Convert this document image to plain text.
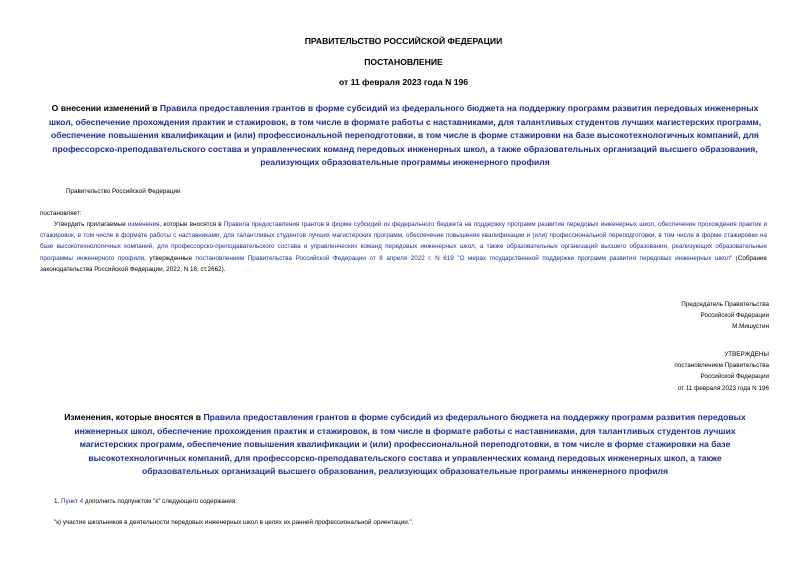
ПРАВИТЕЛЬСТВО РОССИЙСКОЙ ФЕДЕРАЦИИ
ПОСТАНОВЛЕНИЕ
от 11 февраля 2023 года N 196
О внесении изменений в Правила предоставления грантов в форме субсидий из федерального бюджета на поддержку программ развития передовых инженерных школ, обеспечение прохождения практик и стажировок, в том числе в формате работы с наставниками, для талантливых студентов лучших магистерских программ, обеспечение повышения квалификации и (или) профессиональной переподготовки, в том числе в форме стажировки на базе высокотехнологичных компаний, для профессорско-преподавательского состава и управленческих команд передовых инженерных школ, а также образовательных организаций высшего образования, реализующих образовательные программы инженерного профиля
Правительство Российской Федерации
постановляет:
Утвердить прилагаемые изменения, которые вносятся в Правила предоставления грантов в форме субсидий из федерального бюджета на поддержку программ развития передовых инженерных школ, обеспечение прохождения практик и стажировок, в том числе в формате работы с наставниками, для талантливых студентов лучших магистерских программ, обеспечение повышения квалификации и (или) профессиональной переподготовки, в том числе в форме стажировки на базе высокотехнологичных компаний, для профессорско-преподавательского состава и управленческих команд передовых инженерных школ, а также образовательных организаций высшего образования, реализующих образовательные программы инженерного профиля, утвержденные постановлением Правительства Российской Федерации от 8 апреля 2022 г. N 619 "О мерах государственной поддержки программ развития передовых инженерных школ" (Собрание законодательства Российской Федерации, 2022, N 16, ст.2662).
Председатель Правительства
Российской Федерации
М.Мишустин
УТВЕРЖДЕНЫ
постановлением Правительства
Российской Федерации
от 11 февраля 2023 года N 196
Изменения, которые вносятся в Правила предоставления грантов в форме субсидий из федерального бюджета на поддержку программ развития передовых инженерных школ, обеспечение прохождения практик и стажировок, в том числе в формате работы с наставниками, для талантливых студентов лучших магистерских программ, обеспечение повышения квалификации и (или) профессиональной переподготовки, в том числе в форме стажировки на базе высокотехнологичных компаний, для профессорско-преподавательского состава и управленческих команд передовых инженерных школ, а также образовательных организаций высшего образования, реализующих образовательные программы инженерного профиля
1. Пункт 4 дополнить подпунктом "к" следующего содержания:
"к) участие школьников в деятельности передовых инженерных школ в целях их ранней профессиональной ориентации.".
